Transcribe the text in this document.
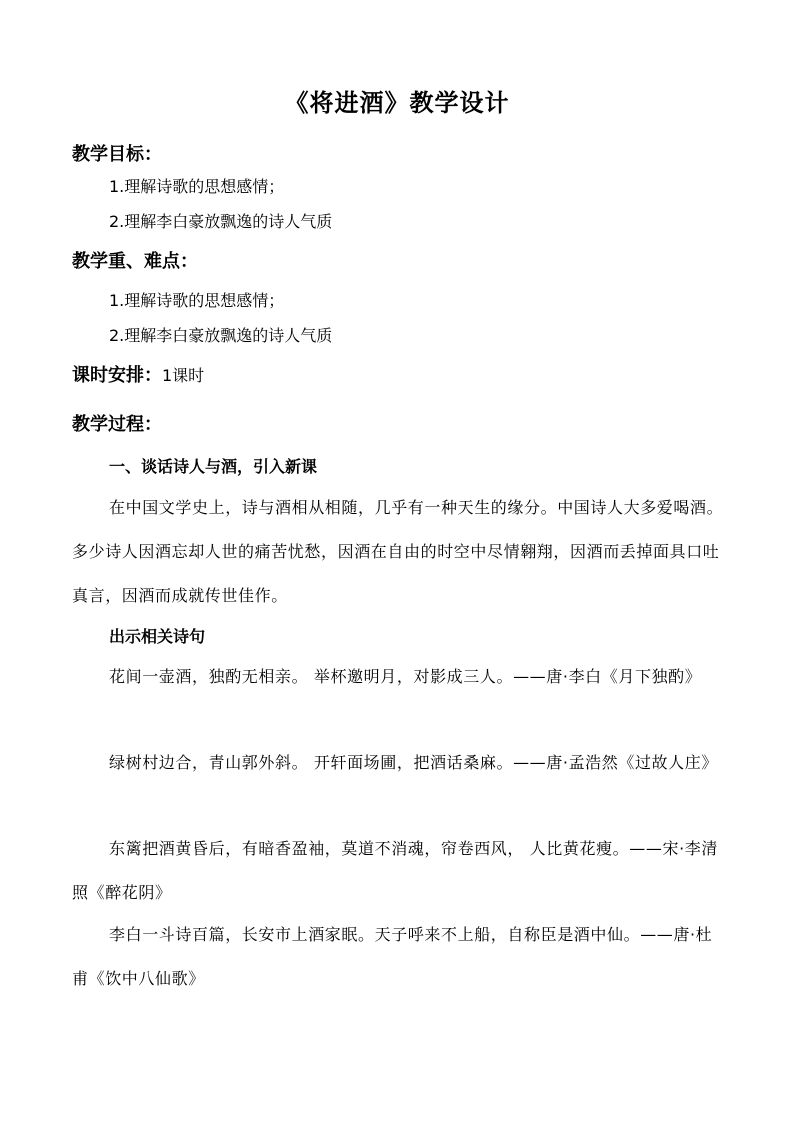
《将进酒》教学设计
教学目标：
1.理解诗歌的思想感情；
2.理解李白豪放飘逸的诗人气质
教学重、难点：
1.理解诗歌的思想感情；
2.理解李白豪放飘逸的诗人气质
课时安排：1课时
教学过程：
一、谈话诗人与酒，引入新课

在中国文学史上，诗与酒相从相随，几乎有一种天生的缘分。中国诗人大多爱喝酒。多少诗人因酒忘却人世的痛苦忧愁，因酒在自由的时空中尽情翱翔，因酒而丢掉面具口吐真言，因酒而成就传世佳作。

出示相关诗句

花间一壶酒，独酌无相亲。 举杯邀明月，对影成三人。——唐·李白《月下独酌》

绿树村边合，青山郭外斜。 开轩面场圃，把酒话桑麻。——唐·孟浩然《过故人庄》

东篱把酒黄昏后，有暗香盈袖，莫道不消魂，帘卷西风， 人比黄花瘦。——宋·李清照《醉花阴》

李白一斗诗百篇，长安市上酒家眠。天子呼来不上船，自称臣是酒中仙。——唐·杜甫《饮中八仙歌》
